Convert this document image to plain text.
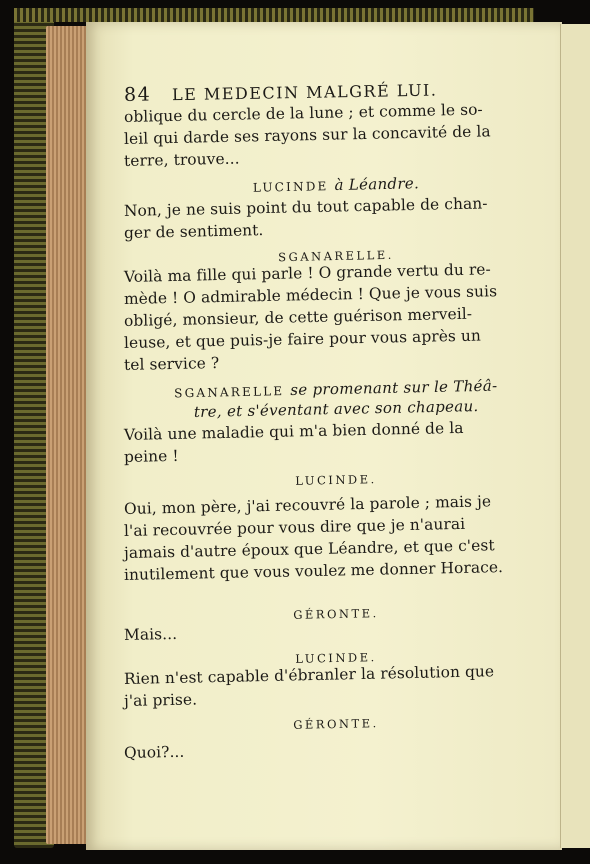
84	LE MEDECIN MALGRÉ LUI.

oblique du cercle de la lune ; et comme le so-

leil qui darde ses rayons sur la concavité de la

terre, trouve...

LUCINDE à Léandre.

Non, je ne suis point du tout capable de chan-

ger de sentiment.

SGANARELLE.

Voilà ma fille qui parle ! O grande vertu du re-

mède ! O admirable médecin ! Que je vous suis

obligé, monsieur, de cette guérison merveil-

leuse, et que puis-je faire pour vous après un

tel service ?

SGANARELLE se promenant sur le Théâ-
tre, et s'éventant avec son chapeau.

Voilà une maladie qui m'a bien donné de la

peine !

LUCINDE.

Oui, mon père, j'ai recouvré la parole ; mais je

l'ai recouvrée pour vous dire que je n'aurai

jamais d'autre époux que Léandre, et que c'est

inutilement que vous voulez me donner Horace.

GÉRONTE.

Mais...

LUCINDE.

Rien n'est capable d'ébranler la résolution que

j'ai prise.

GÉRONTE.

Quoi?...
